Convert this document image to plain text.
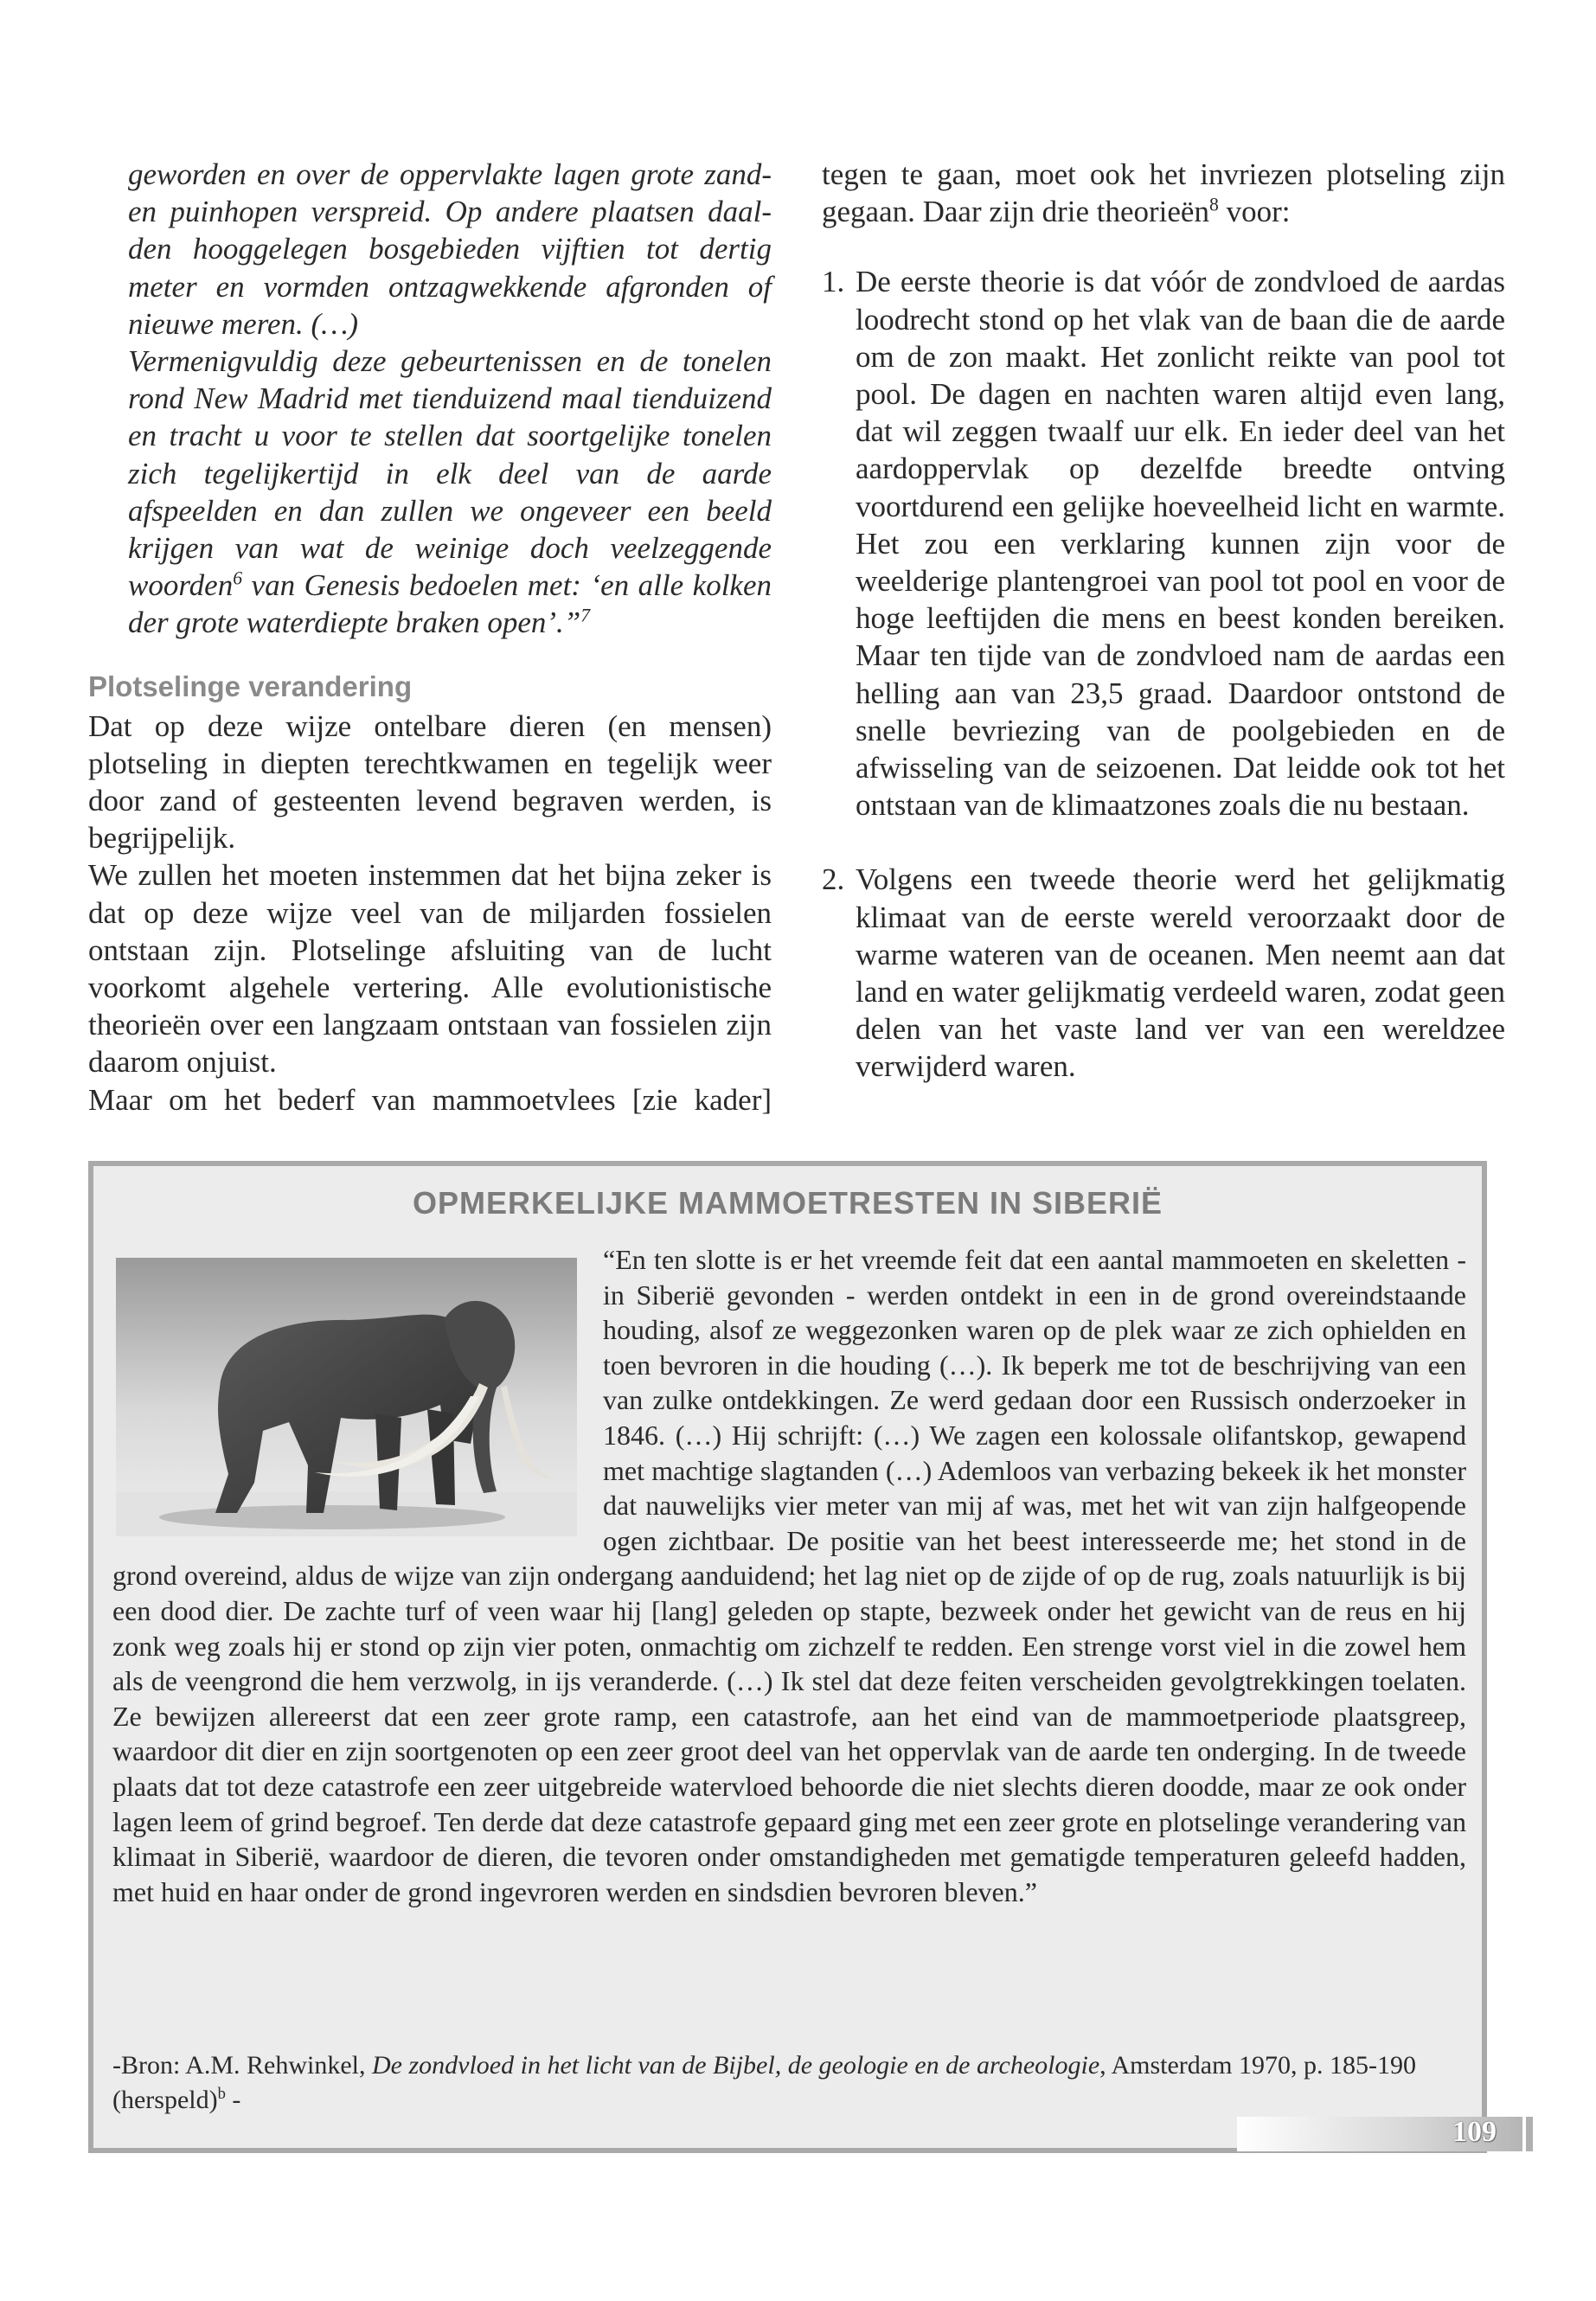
geworden en over de oppervlakte lagen grote zand-

en puinhopen verspreid. Op andere plaatsen daal-

den hooggelegen bosgebieden vijftien tot dertig

meter en vormden ontzagwekkende afgronden of

nieuwe meren. (…)

Vermenigvuldig deze gebeurtenissen en de tonelen rond New Madrid met tienduizend maal tienduizend en tracht u voor te stellen dat soortgelijke tonelen zich tegelijkertijd in elk deel van de aarde afspeelden en dan zullen we ongeveer een beeld krijgen van wat de weinige doch veelzeggende woorden$^6$ van Genesis bedoelen met: ‘en alle kolken der grote waterdiepte braken open’.”$^7$

Plotselinge verandering

Dat op deze wijze ontelbare dieren (en mensen) plotseling in diepten terechtkwamen en tegelijk weer door zand of gesteenten levend begraven werden, is begrijpelijk.

We zullen het moeten instemmen dat het bijna zeker is dat op deze wijze veel van de miljarden fossielen ontstaan zijn. Plotselinge afsluiting van de lucht voorkomt algehele vertering. Alle evolutionistische theorieën over een langzaam ontstaan van fossielen zijn daarom onjuist.

Maar om het bederf van mammoetvlees [zie kader]

tegen te gaan, moet ook het invriezen plotseling zijn gegaan. Daar zijn drie theorieën$^8$ voor:

1. De eerste theorie is dat vóór de zondvloed de aardas loodrecht stond op het vlak van de baan die de aarde om de zon maakt. Het zonlicht reikte van pool tot pool. De dagen en nachten waren altijd even lang, dat wil zeggen twaalf uur elk. En ieder deel van het aardoppervlak op dezelfde breedte ontving voortdurend een gelijke hoeveelheid licht en warmte. Het zou een verklaring kunnen zijn voor de weelderige plantengroei van pool tot pool en voor de hoge leeftijden die mens en beest konden bereiken. Maar ten tijde van de zondvloed nam de aardas een helling aan van 23,5 graad. Daardoor ontstond de snelle bevriezing van de poolgebieden en de afwisseling van de seizoenen. Dat leidde ook tot het ontstaan van de klimaatzones zoals die nu bestaan.
2. Volgens een tweede theorie werd het gelijkmatig klimaat van de eerste wereld veroorzaakt door de warme wateren van de oceanen. Men neemt aan dat land en water gelijkmatig verdeeld waren, zodat geen delen van het vaste land ver van een wereldzee verwijderd waren.
OPMERKELIJKE MAMMOETRESTEN IN SIBERIË

“En ten slotte is er het vreemde feit dat een aantal mammoeten en skeletten - in Siberië gevonden - werden ontdekt in een in de grond overeindstaande houding, alsof ze weggezonken waren op de plek waar ze zich ophielden en toen bevroren in die houding (…). Ik beperk me tot de beschrijving van een van zulke ontdekkingen. Ze werd gedaan door een Russisch onderzoeker in 1846. (…) Hij schrijft: (…) We zagen een kolossale olifantskop, gewapend met machtige slagtanden (…) Ademloos van verbazing bekeek ik het monster dat nauwelijks vier meter van mij af was, met het wit van zijn halfgeopende ogen zichtbaar. De positie van het beest interesseerde me; het stond in de grond overeind, aldus de wijze van zijn ondergang aanduidend; het lag niet op de zijde of op de rug, zoals natuurlijk is bij een dood dier. De zachte turf of veen waar hij [lang] geleden op stapte, bezweek onder het gewicht van de reus en hij zonk weg zoals hij er stond op zijn vier poten, onmachtig om zichzelf te redden. Een strenge vorst viel in die zowel hem als de veengrond die hem verzwolg, in ijs veranderde. (…) Ik stel dat deze feiten verscheiden gevolgtrekkingen toelaten. Ze bewijzen allereerst dat een zeer grote ramp, een catastrofe, aan het eind van de mammoetperiode plaatsgreep, waardoor dit dier en zijn soortgenoten op een zeer groot deel van het oppervlak van de aarde ten onderging. In de tweede plaats dat tot deze catastrofe een zeer uitgebreide watervloed behoorde die niet slechts dieren doodde, maar ze ook onder lagen leem of grind begroef. Ten derde dat deze catastrofe gepaard ging met een zeer grote en plotselinge verandering van klimaat in Siberië, waardoor de dieren, die tevoren onder omstandigheden met gematigde temperaturen geleefd hadden, met huid en haar onder de grond ingevroren werden en sindsdien bevroren bleven.”

-Bron: A.M. Rehwinkel, De zondvloed in het licht van de Bijbel, de geologie en de archeologie, Amsterdam 1970, p. 185-190 (herspeld)$^b$ -
109
